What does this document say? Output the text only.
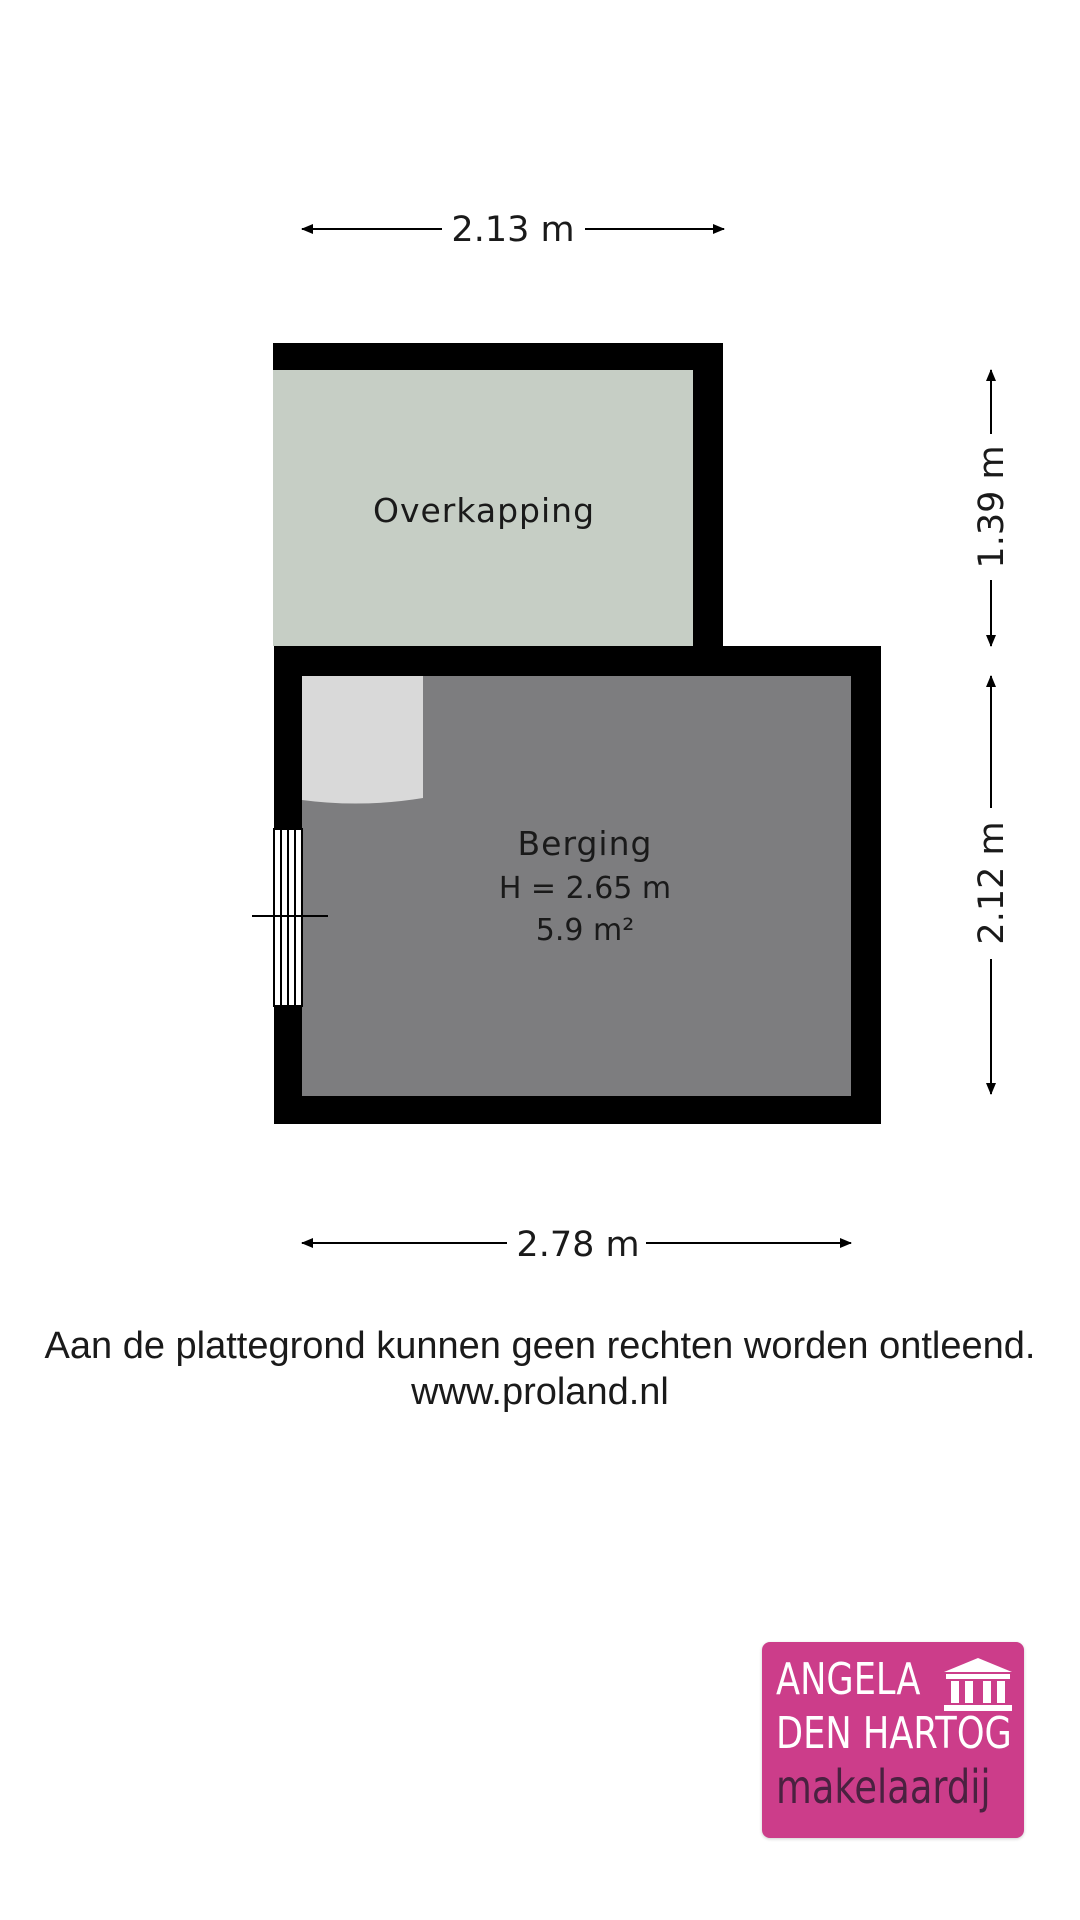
2.13 m
Overkapping
Berging
H = 2.65 m
5.9 m²
1.39 m
2.12 m
2.78 m
Aan de plattegrond kunnen geen rechten worden ontleend.
www.proland.nl
ANGELA
DEN HARTOG
makelaardij
